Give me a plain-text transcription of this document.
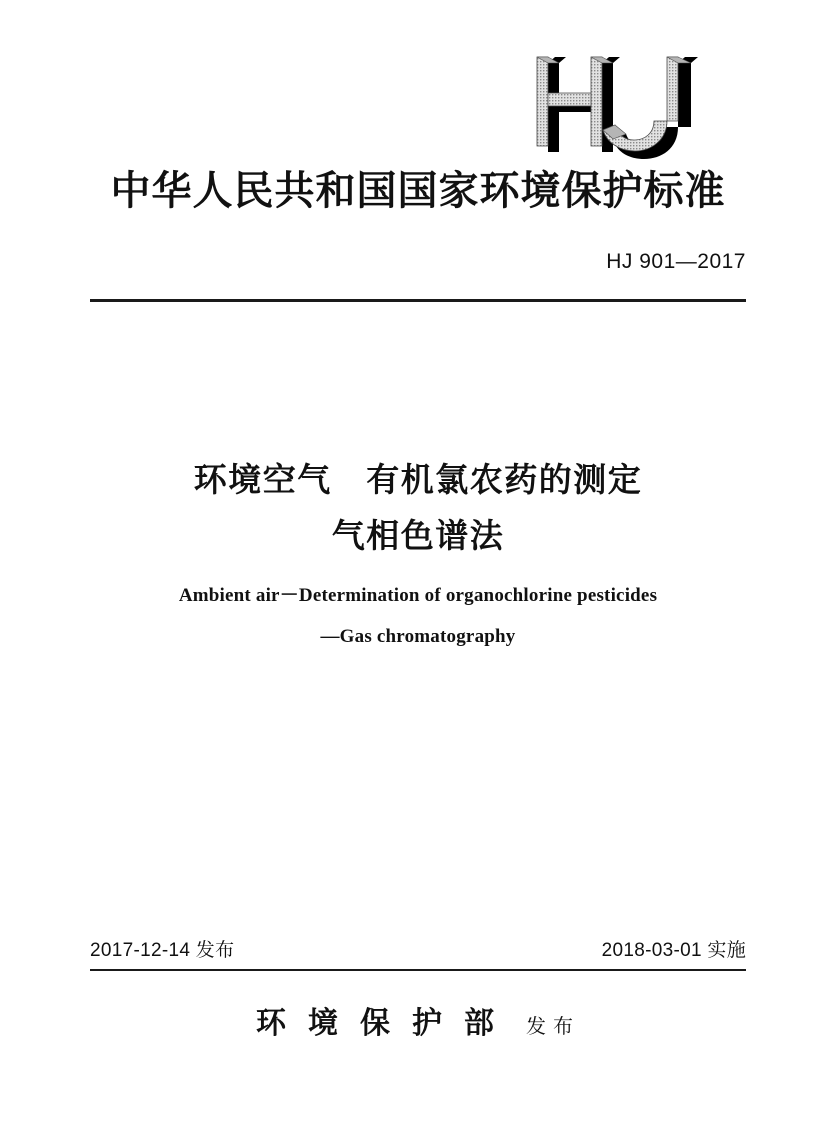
中华人民共和国国家环境保护标准
HJ 901—2017
环境空气　有机氯农药的测定
气相色谱法
Ambient air－Determination of organochlorine pesticides
—Gas chromatography
2017-12-14 发布	2018-03-01 实施
环境保护部 发布
